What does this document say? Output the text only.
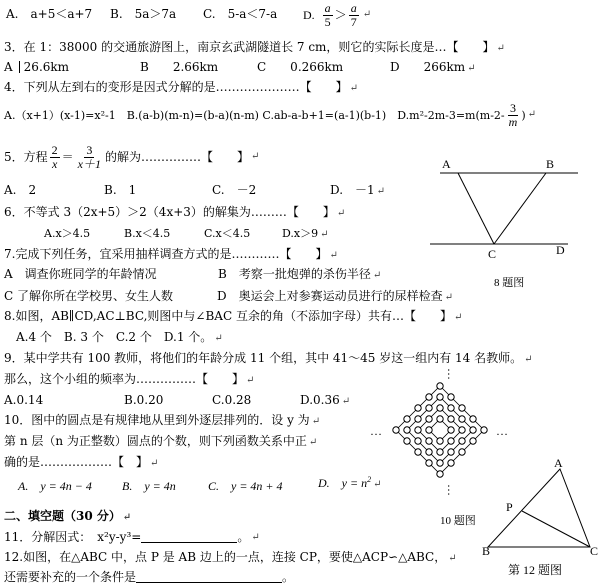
A.　a+5＜a+7 B.　5a＞7a C.　5-a＜7-a D. $\frac{a}{5} > \frac{a}{7}$ ↵
3．在 1：38000 的交通旅游图上，南京玄武湖隧道长 7 cm，则它的实际长度是…【　　】 ↵
A 26.6km	B　　2.66km	C　　0.266km	D　　266km ↵
4．下列从左到右的变形是因式分解的是…………………【　　】 ↵
A.（x+1）(x-1)=x²-1　B.(a-b)(m-n)=(b-a)(n-m) C.ab-a-b+1=(a-1)(b-1)　$D.m^2-2m-3=m(m-2- \frac{3}{m}$ ) ↵
5．方程 $\frac{2}{x} = \frac{3}{x+1}$ 的解为……………【　　】 ↵
A.　2	B.　1	C.　－2	D.　－1 ↵
6．不等式 3（2x+5）＞2（4x+3）的解集为………【　　】 ↵
A.x＞4.5	B.x＜4.5	C.x＜4.5	D.x＞9 ↵
7.完成下列任务，宜采用抽样调查方式的是…………【　　】 ↵
A　调查你班同学的年龄情况	B　考察一批炮弹的杀伤半径 ↵
C 了解你所在学校男、女生人数	D　奥运会上对参赛运动员进行的尿样检查 ↵
8.如图，AB∥CD,AC⊥BC,则图中与∠BAC 互余的角（不添加字母）共有…【　　】 ↵
A.4 个　B. 3 个　C.2 个　D.1 个。 ↵
9．某中学共有 100 教师，将他们的年龄分成 11 个组，其中 41～45 岁这一组内有 14 名教师。 ↵
那么，这个小组的频率为……………【　　】 ↵
A.0.14	B.0.20	C.0.28	D.0.36 ↵
10．图中的圆点是有规律地从里到外逐层排列的．设 y 为 ↵
第 n 层（n 为正整数）圆点的个数，则下列函数关系中正 ↵
确的是………………【　】 ↵
A.　y = 4n − 4	B.　y = 4n	C.　y = 4n + 4	D.　$y = n^2$ ↵
二、填空题（30 分） ↵
11．分解因式：　x²y-y³=	。 ↵
12.如图，在△ABC 中，点 P 是 AB 边上的一点，连接 CP，要使△ACP∽△ABC， ↵
还需要补充的一个条件是	。
A	B
C	D
8 题图
…	…
…
…
10 题图
A
P
B	C
第 12 题图
